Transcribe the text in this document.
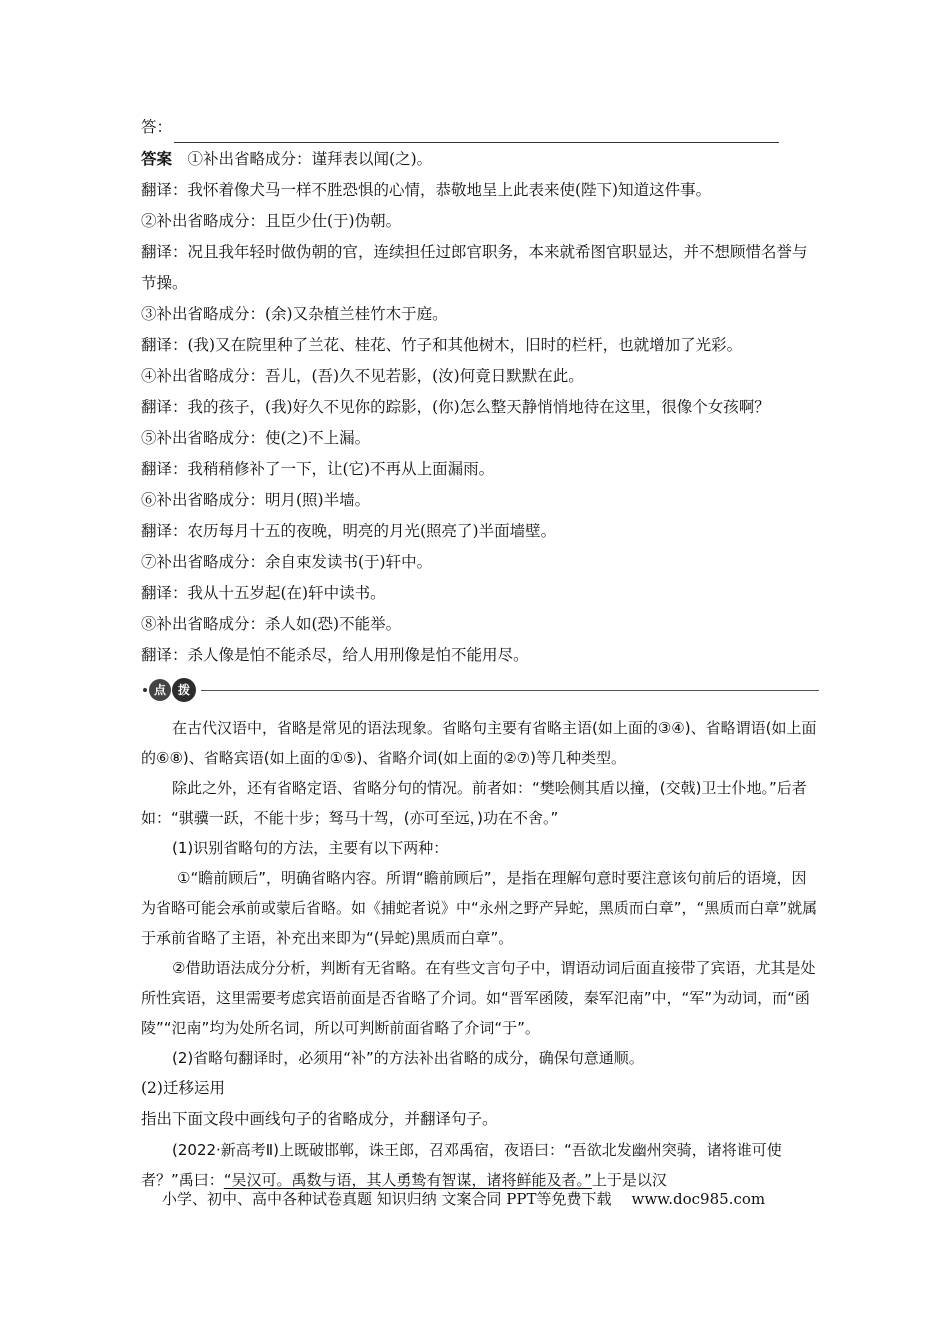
答：
答案  ①补出省略成分：谨拜表以闻(之)。
翻译：我怀着像犬马一样不胜恐惧的心情，恭敬地呈上此表来使(陛下)知道这件事。
②补出省略成分：且臣少仕(于)伪朝。
翻译：况且我年轻时做伪朝的官，连续担任过郎官职务，本来就希图官职显达，并不想顾惜名誉与节操。
③补出省略成分：(余)又杂植兰桂竹木于庭。
翻译：(我)又在院里种了兰花、桂花、竹子和其他树木，旧时的栏杆，也就增加了光彩。
④补出省略成分：吾儿，(吾)久不见若影，(汝)何竟日默默在此。
翻译：我的孩子，(我)好久不见你的踪影，(你)怎么整天静悄悄地待在这里，很像个女孩啊？
⑤补出省略成分：使(之)不上漏。
翻译：我稍稍修补了一下，让(它)不再从上面漏雨。
⑥补出省略成分：明月(照)半墙。
翻译：农历每月十五的夜晚，明亮的月光(照亮了)半面墙壁。
⑦补出省略成分：余自束发读书(于)轩中。
翻译：我从十五岁起(在)轩中读书。
⑧补出省略成分：杀人如(恐)不能举。
翻译：杀人像是怕不能杀尽，给人用刑像是怕不能用尽。
点 拨
在古代汉语中，省略是常见的语法现象。省略句主要有省略主语(如上面的③④)、省略谓语(如上面的⑥⑧)、省略宾语(如上面的①⑤)、省略介词(如上面的②⑦)等几种类型。
除此之外，还有省略定语、省略分句的情况。前者如：“樊哙侧其盾以撞，(交戟)卫士仆地。”后者如：“骐骥一跃，不能十步；驽马十驾，(亦可至远，)功在不舍。”
(1)识别省略句的方法，主要有以下两种：
①“瞻前顾后”，明确省略内容。所谓“瞻前顾后”，是指在理解句意时要注意该句前后的语境，因为省略可能会承前或蒙后省略。如《捕蛇者说》中“永州之野产异蛇，黑质而白章”，“黑质而白章”就属于承前省略了主语，补充出来即为“(异蛇)黑质而白章”。
②借助语法成分分析，判断有无省略。在有些文言句子中，谓语动词后面直接带了宾语，尤其是处所性宾语，这里需要考虑宾语前面是否省略了介词。如“晋军函陵，秦军氾南”中，“军”为动词，而“函陵”“氾南”均为处所名词，所以可判断前面省略了介词“于”。
(2)省略句翻译时，必须用“补”的方法补出省略的成分，确保句意通顺。
(2)迁移运用
指出下面文段中画线句子的省略成分，并翻译句子。
(2022·新高考Ⅱ)上既破邯郸，诛王郎，召邓禹宿，夜语曰：“吾欲北发幽州突骑，诸将谁可使者？”禹曰：“吴汉可。禹数与语，其人勇鸷有智谋，诸将鲜能及者。”上于是以汉
小学、初中、高中各种试卷真题 知识归纳 文案合同 PPT等免费下载 www.doc985.com
